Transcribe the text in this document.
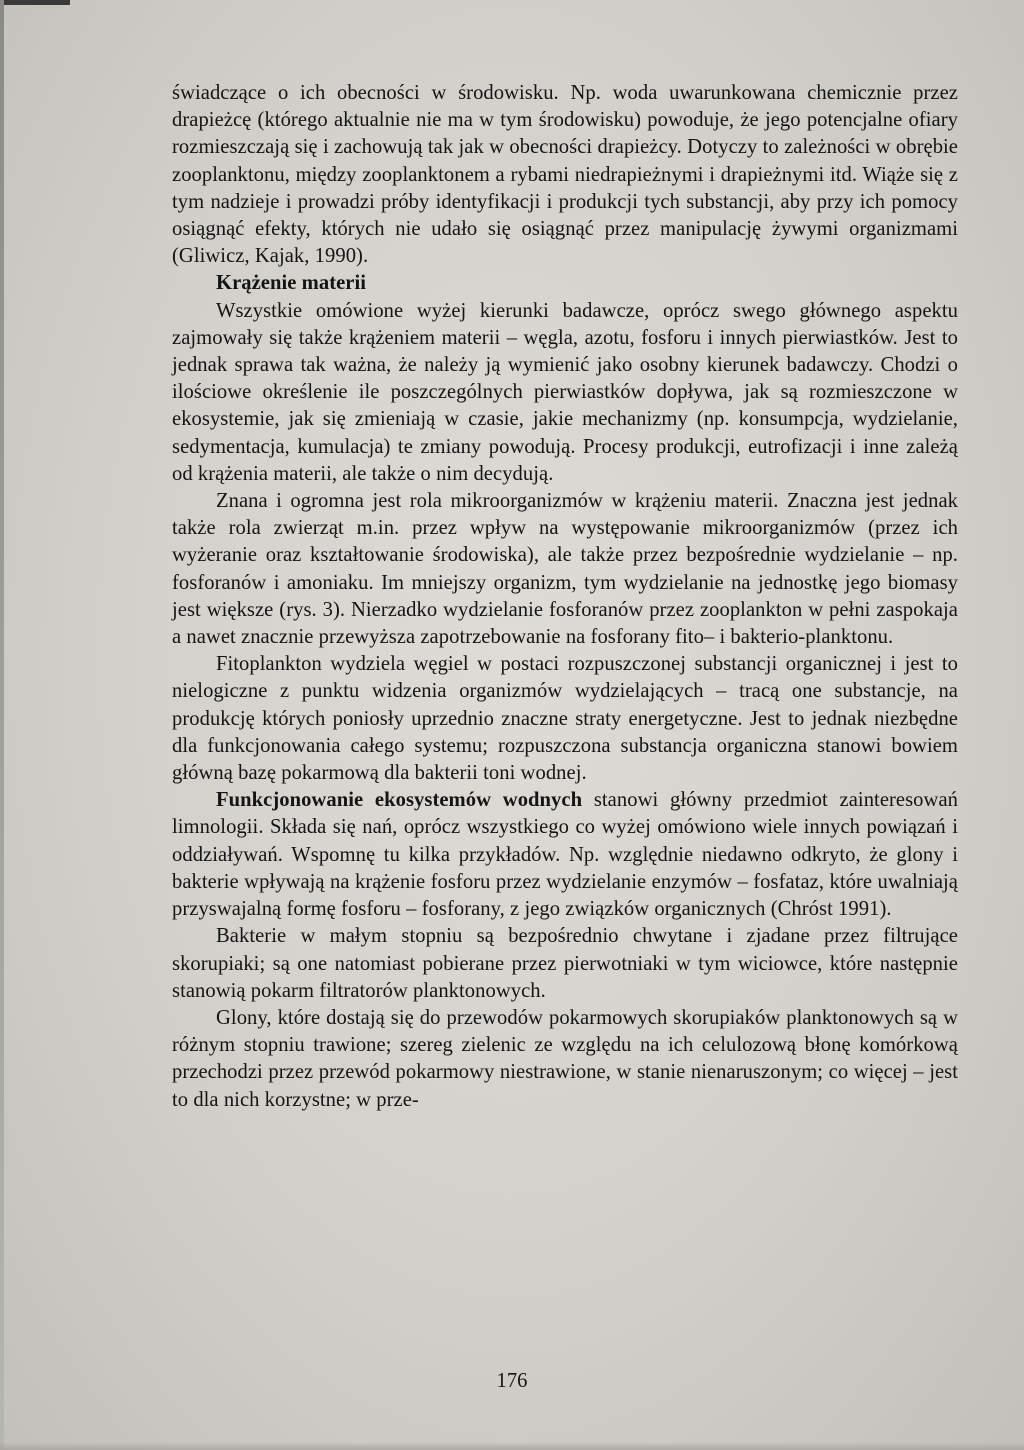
świadczące o ich obecności w środowisku. Np. woda uwarunkowana chemicznie przez drapieżcę (którego aktualnie nie ma w tym środowisku) powoduje, że jego potencjalne ofiary rozmieszczają się i zachowują tak jak w obecności drapieżcy. Dotyczy to zależności w obrębie zooplanktonu, między zooplanktonem a rybami niedrapieżnymi i drapieżnymi itd. Wiąże się z tym nadzieje i prowadzi próby identyfikacji i produkcji tych substancji, aby przy ich pomocy osiągnąć efekty, których nie udało się osiągnąć przez manipulację żywymi organizmami (Gliwicz, Kajak, 1990).

Krążenie materii

Wszystkie omówione wyżej kierunki badawcze, oprócz swego głównego aspektu zajmowały się także krążeniem materii – węgla, azotu, fosforu i innych pierwiastków. Jest to jednak sprawa tak ważna, że należy ją wymienić jako osobny kierunek badawczy. Chodzi o ilościowe określenie ile poszczególnych pierwiastków dopływa, jak są rozmieszczone w ekosystemie, jak się zmieniają w czasie, jakie mechanizmy (np. konsumpcja, wydzielanie, sedymentacja, kumulacja) te zmiany powodują. Procesy produkcji, eutrofizacji i inne zależą od krążenia materii, ale także o nim decydują.

Znana i ogromna jest rola mikroorganizmów w krążeniu materii. Znaczna jest jednak także rola zwierząt m.in. przez wpływ na występowanie mikroorganizmów (przez ich wyżeranie oraz kształtowanie środowiska), ale także przez bezpośrednie wydzielanie – np. fosforanów i amoniaku. Im mniejszy organizm, tym wydzielanie na jednostkę jego biomasy jest większe (rys. 3). Nierzadko wydzielanie fosforanów przez zooplankton w pełni zaspokaja a nawet znacznie przewyższa zapotrzebowanie na fosforany fito– i bakterio-planktonu.

Fitoplankton wydziela węgiel w postaci rozpuszczonej substancji organicznej i jest to nielogiczne z punktu widzenia organizmów wydzielających – tracą one substancje, na produkcję których poniosły uprzednio znaczne straty energetyczne. Jest to jednak niezbędne dla funkcjonowania całego systemu; rozpuszczona substancja organiczna stanowi bowiem główną bazę pokarmową dla bakterii toni wodnej.

Funkcjonowanie ekosystemów wodnych stanowi główny przedmiot zainteresowań limnologii. Składa się nań, oprócz wszystkiego co wyżej omówiono wiele innych powiązań i oddziaływań. Wspomnę tu kilka przykładów. Np. względnie niedawno odkryto, że glony i bakterie wpływają na krążenie fosforu przez wydzielanie enzymów – fosfataz, które uwalniają przyswajalną formę fosforu – fosforany, z jego związków organicznych (Chróst 1991).

Bakterie w małym stopniu są bezpośrednio chwytane i zjadane przez filtrujące skorupiaki; są one natomiast pobierane przez pierwotniaki w tym wiciowce, które następnie stanowią pokarm filtratorów planktonowych.

Glony, które dostają się do przewodów pokarmowych skorupiaków planktonowych są w różnym stopniu trawione; szereg zielenic ze względu na ich celulozową błonę komórkową przechodzi przez przewód pokarmowy niestrawione, w stanie nienaruszonym; co więcej – jest to dla nich korzystne; w prze-

176
